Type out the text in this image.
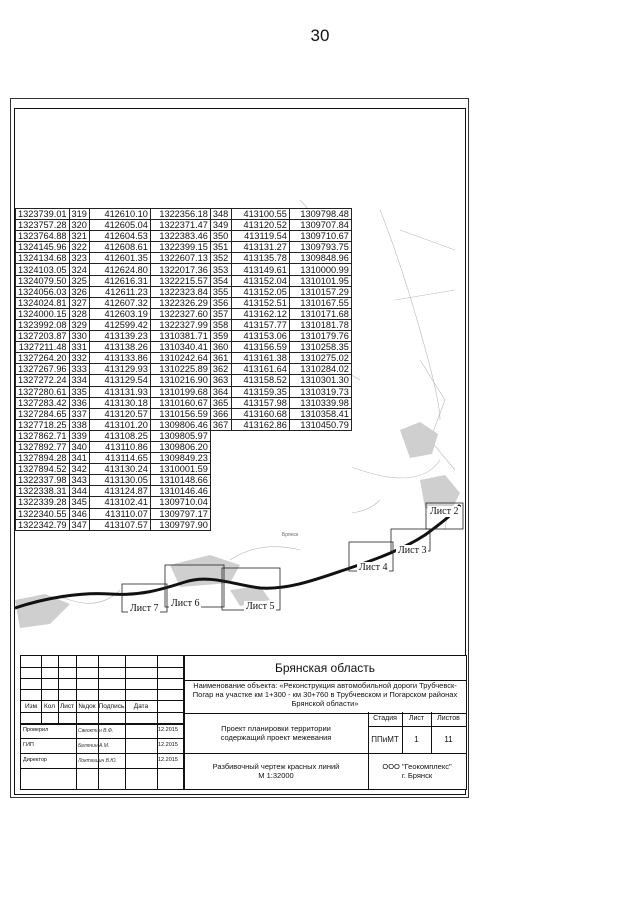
30
Лист 2
Лист 3
Лист 4
Лист 5
Лист 6
Лист 7
Брянск
1323739.01	319	412610.10	1322356.18	348	413100.55	1309798.48
1323757.28	320	412605.04	1322371.47	349	413120.52	1309707.84
1323764.88	321	412604.53	1322383.46	350	413119.54	1309710.67
1324145.96	322	412608.61	1322399.15	351	413131.27	1309793.75
1324134.68	323	412601.35	1322607.13	352	413135.78	1309848.96
1324103.05	324	412624.80	1322017.36	353	413149.61	1310000.99
1324079.50	325	412616.31	1322215.57	354	413152.04	1310101.95
1324056.03	326	412611.23	1322323.84	355	413152.05	1310157.29
1324024.81	327	412607.32	1322326.29	356	413152.51	1310167.55
1324000.15	328	412603.19	1322327.60	357	413162.12	1310171.68
1323992.08	329	412599.42	1322327.99	358	413157.77	1310181.78
1327203.87	330	413139.23	1310381.71	359	413153.06	1310179.76
1327211.48	331	413138.26	1310340.41	360	413156.59	1310258.35
1327264.20	332	413133.86	1310242.64	361	413161.38	1310275.02
1327267.96	333	413129.93	1310225.89	362	413161.64	1310284.02
1327272.24	334	413129.54	1310216.90	363	413158.52	1310301.30
1327280.61	335	413131.93	1310199.68	364	413159.35	1310319.73
1327283.42	336	413130.18	1310160.67	365	413157.98	1310339.98
1327284.65	337	413120.57	1310156.59	366	413160.68	1310358.41
1327718.25	338	413101.20	1309806.46	367	413162.86	1310450.79
1327862.71	339	413108.25	1309805.97			
1327892.77	340	413110.86	1309806.20			
1327894.28	341	413114.65	1309849.23			
1327894.52	342	413130.24	1310001.59			
1322337.98	343	413130.05	1310148.66			
1322338.31	344	413124.87	1310146.46			
1322339.28	345	413102.41	1309710.04			
1322340.55	346	413110.07	1309797.17			
1322342.79	347	413107.57	1309797.90			
Изм	Кол Лист №док Подпись	Дата
Проверил	Свеоктин В.Ф.	12.2015
ГИП	Белянин А.М.	12.2015
Директор	Локтюшин В.Ю.	12.2015
Брянская область
Наименование объекта: «Реконструкция автомобильной дороги Трубчевск-Погар на участке км 1+300 - км 30+760 в Трубчевском и Погарском районах Брянской области»
Проект планировки территории
содержащий проект межевания
Стадия	Лист	Листов
ППиМТ	1	11
Разбивочный чертеж красных линий
М 1:32000
ООО "Геокомплекс"
г. Брянск
